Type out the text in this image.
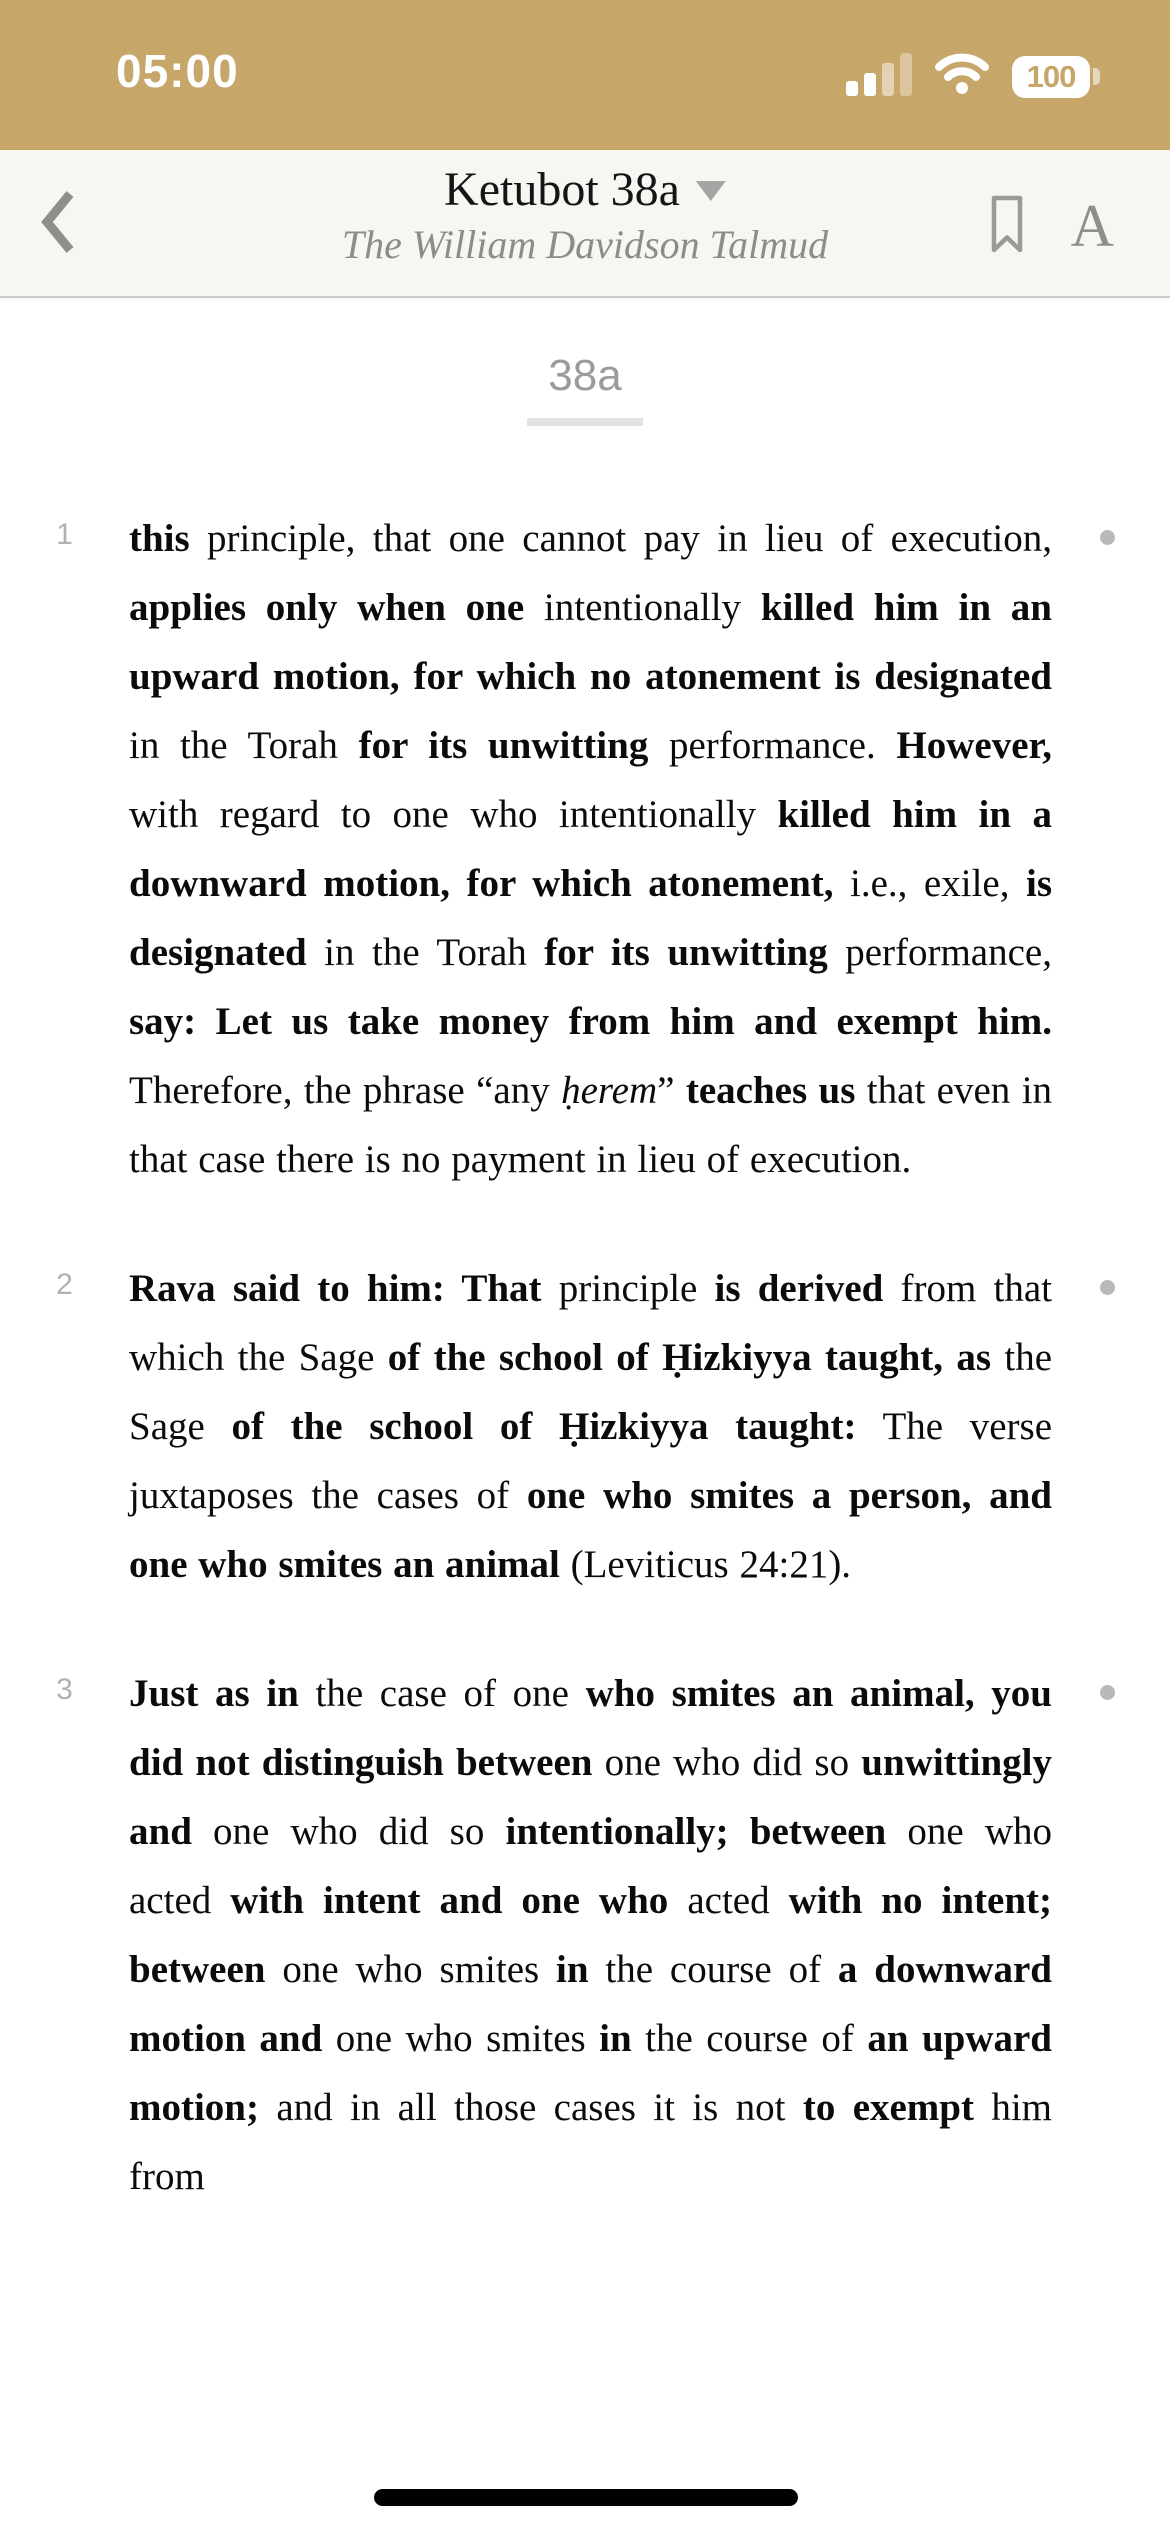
05:00	100
Ketubot 38a
The William Davidson Talmud	A
38a
1	this principle, that one cannot pay in lieu of execution, applies only when one intentionally killed him in an upward motion, for which no atonement is designated in the Torah for its unwitting performance. However, with regard to one who intentionally killed him in a downward motion, for which atonement, i.e., exile, is designated in the Torah for its unwitting performance, say: Let us take money from him and exempt him. Therefore, the phrase “any ḥerem” teaches us that even in that case there is no payment in lieu of execution.
2	Rava said to him: That principle is derived from that which the Sage of the school of Ḥizkiyya taught, as the Sage of the school of Ḥizkiyya taught: The verse juxtaposes the cases of one who smites a person, and one who smites an animal (Leviticus 24:21).
3	Just as in the case of one who smites an animal, you did not distinguish between one who did so unwittingly and one who did so intentionally; between one who acted with intent and one who acted with no intent; between one who smites in the course of a downward motion and one who smites in the course of an upward motion; and in all those cases it is not to exempt him from
